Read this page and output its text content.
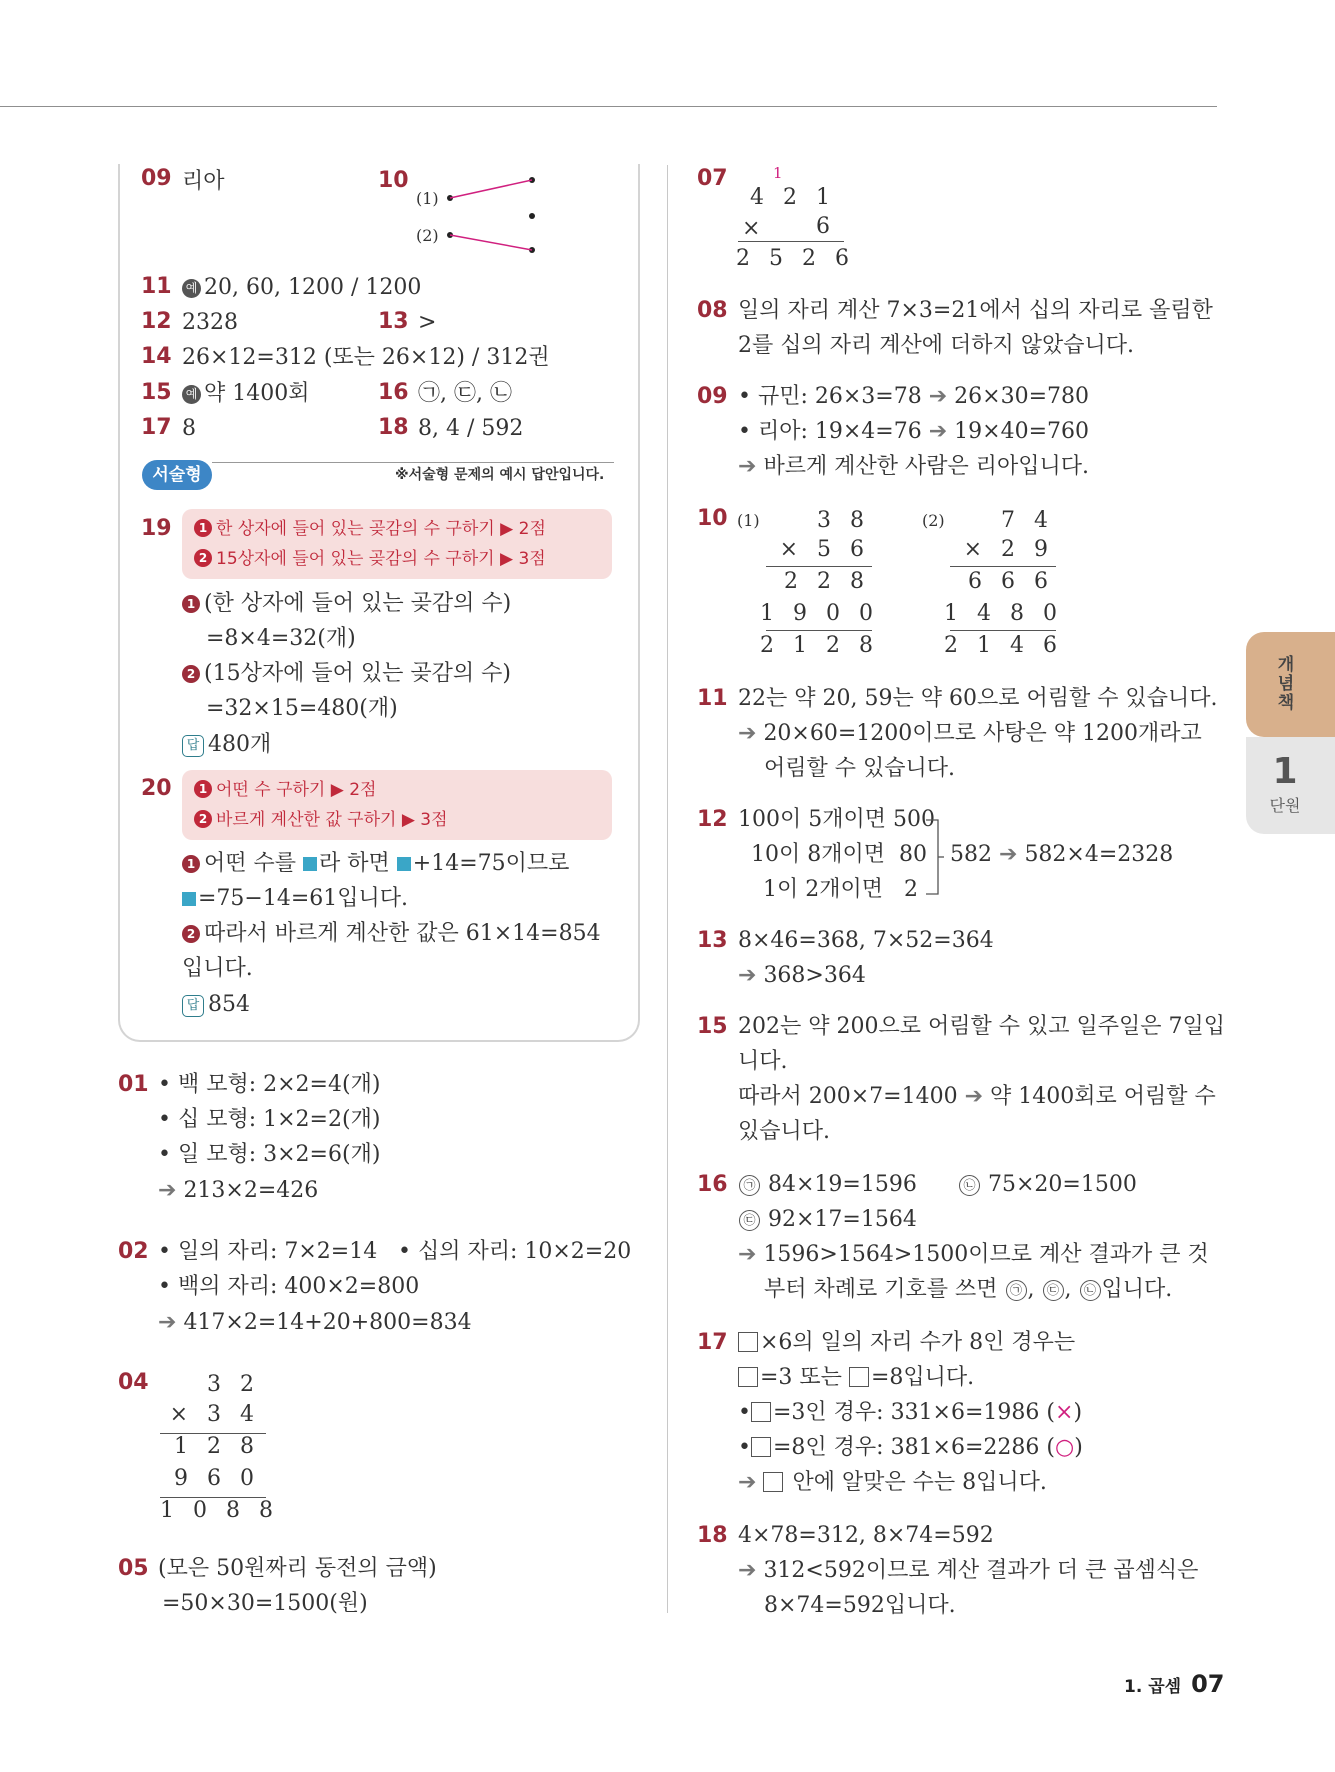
09 리아	10
(1)
(2)
11	예 20, 60, 1200 / 1200
12 2328	13 >
14 26×12=312 (또는 26×12) / 312권
15	예 약 1400회	16 ㉠, ㉢, ㉡
17 8	18 8, 4 / 592
서술형	※서술형 문제의 예시 답안입니다.
19	1 한 상자에 들어 있는 곶감의 수 구하기 ▶ 2점
2 15상자에 들어 있는 곶감의 수 구하기 ▶ 3점
1 (한 상자에 들어 있는 곶감의 수)
=8×4=32(개)
2 (15상자에 들어 있는 곶감의 수)
=32×15=480(개)
답 480개
20	1 어떤 수 구하기 ▶ 2점
2 바르게 계산한 값 구하기 ▶ 3점
1 어떤 수를 라 하면 +14=75이므로
=75−14=61입니다.
2 따라서 바르게 계산한 값은 61×14=854
입니다.
답 854
01 • 백 모형: 2×2=4(개)
• 십 모형: 1×2=2(개)
• 일 모형: 3×2=6(개)
➔ 213×2=426
02 • 일의 자리: 7×2=14 • 십의 자리: 10×2=20
• 백의 자리: 400×2=800
➔ 417×2=14+20+800=834
04	3 2
× 3 4
1 2 8
9 6 0
1 0 8 8
05 (모은 50원짜리 동전의 금액)
=50×30=1500(원)
07	1
4 2 1
×	6
2 5 2 6
08 일의 자리 계산 7×3=21에서 십의 자리로 올림한
2를 십의 자리 계산에 더하지 않았습니다.
09 • 규민: 26×3=78 ➔ 26×30=780
• 리아: 19×4=76 ➔ 19×40=760
➔ 바르게 계산한 사람은 리아입니다.
10 (1)	(2)
3 8
× 5 6
2 2 8
1 9 0 0
2 1 2 8
7 4
× 2 9
6 6 6
1 4 8 0
2 1 4 6
11 22는 약 20, 59는 약 60으로 어림할 수 있습니다.
➔ 20×60=1200이므로 사탕은 약 1200개라고
어림할 수 있습니다.
12 100이 5개이면 500
10이 8개이면  80
1이 2개이면   2
582 ➔ 582×4=2328
13 8×46=368, 7×52=364
➔ 368>364
15 202는 약 200으로 어림할 수 있고 일주일은 7일입
니다.
따라서 200×7=1400 ➔ 약 1400회로 어림할 수
있습니다.
16	㉠ 84×19=1596	㉡ 75×20=1500
㉢ 92×17=1564
➔ 1596>1564>1500이므로 계산 결과가 큰 것
부터 차례로 기호를 쓰면 ㉠ , ㉢ , ㉡ 입니다.
17	×6의 일의 자리 수가 8인 경우는
=3 또는 =8입니다.
• =3인 경우: 331×6=1986 (×)
• =8인 경우: 381×6=2286 (○)
➔  안에 알맞은 수는 8입니다.
18 4×78=312, 8×74=592
➔ 312<592이므로 계산 결과가 더 큰 곱셈식은
8×74=592입니다.
개념책
1
단원
1. 곱셈 07
